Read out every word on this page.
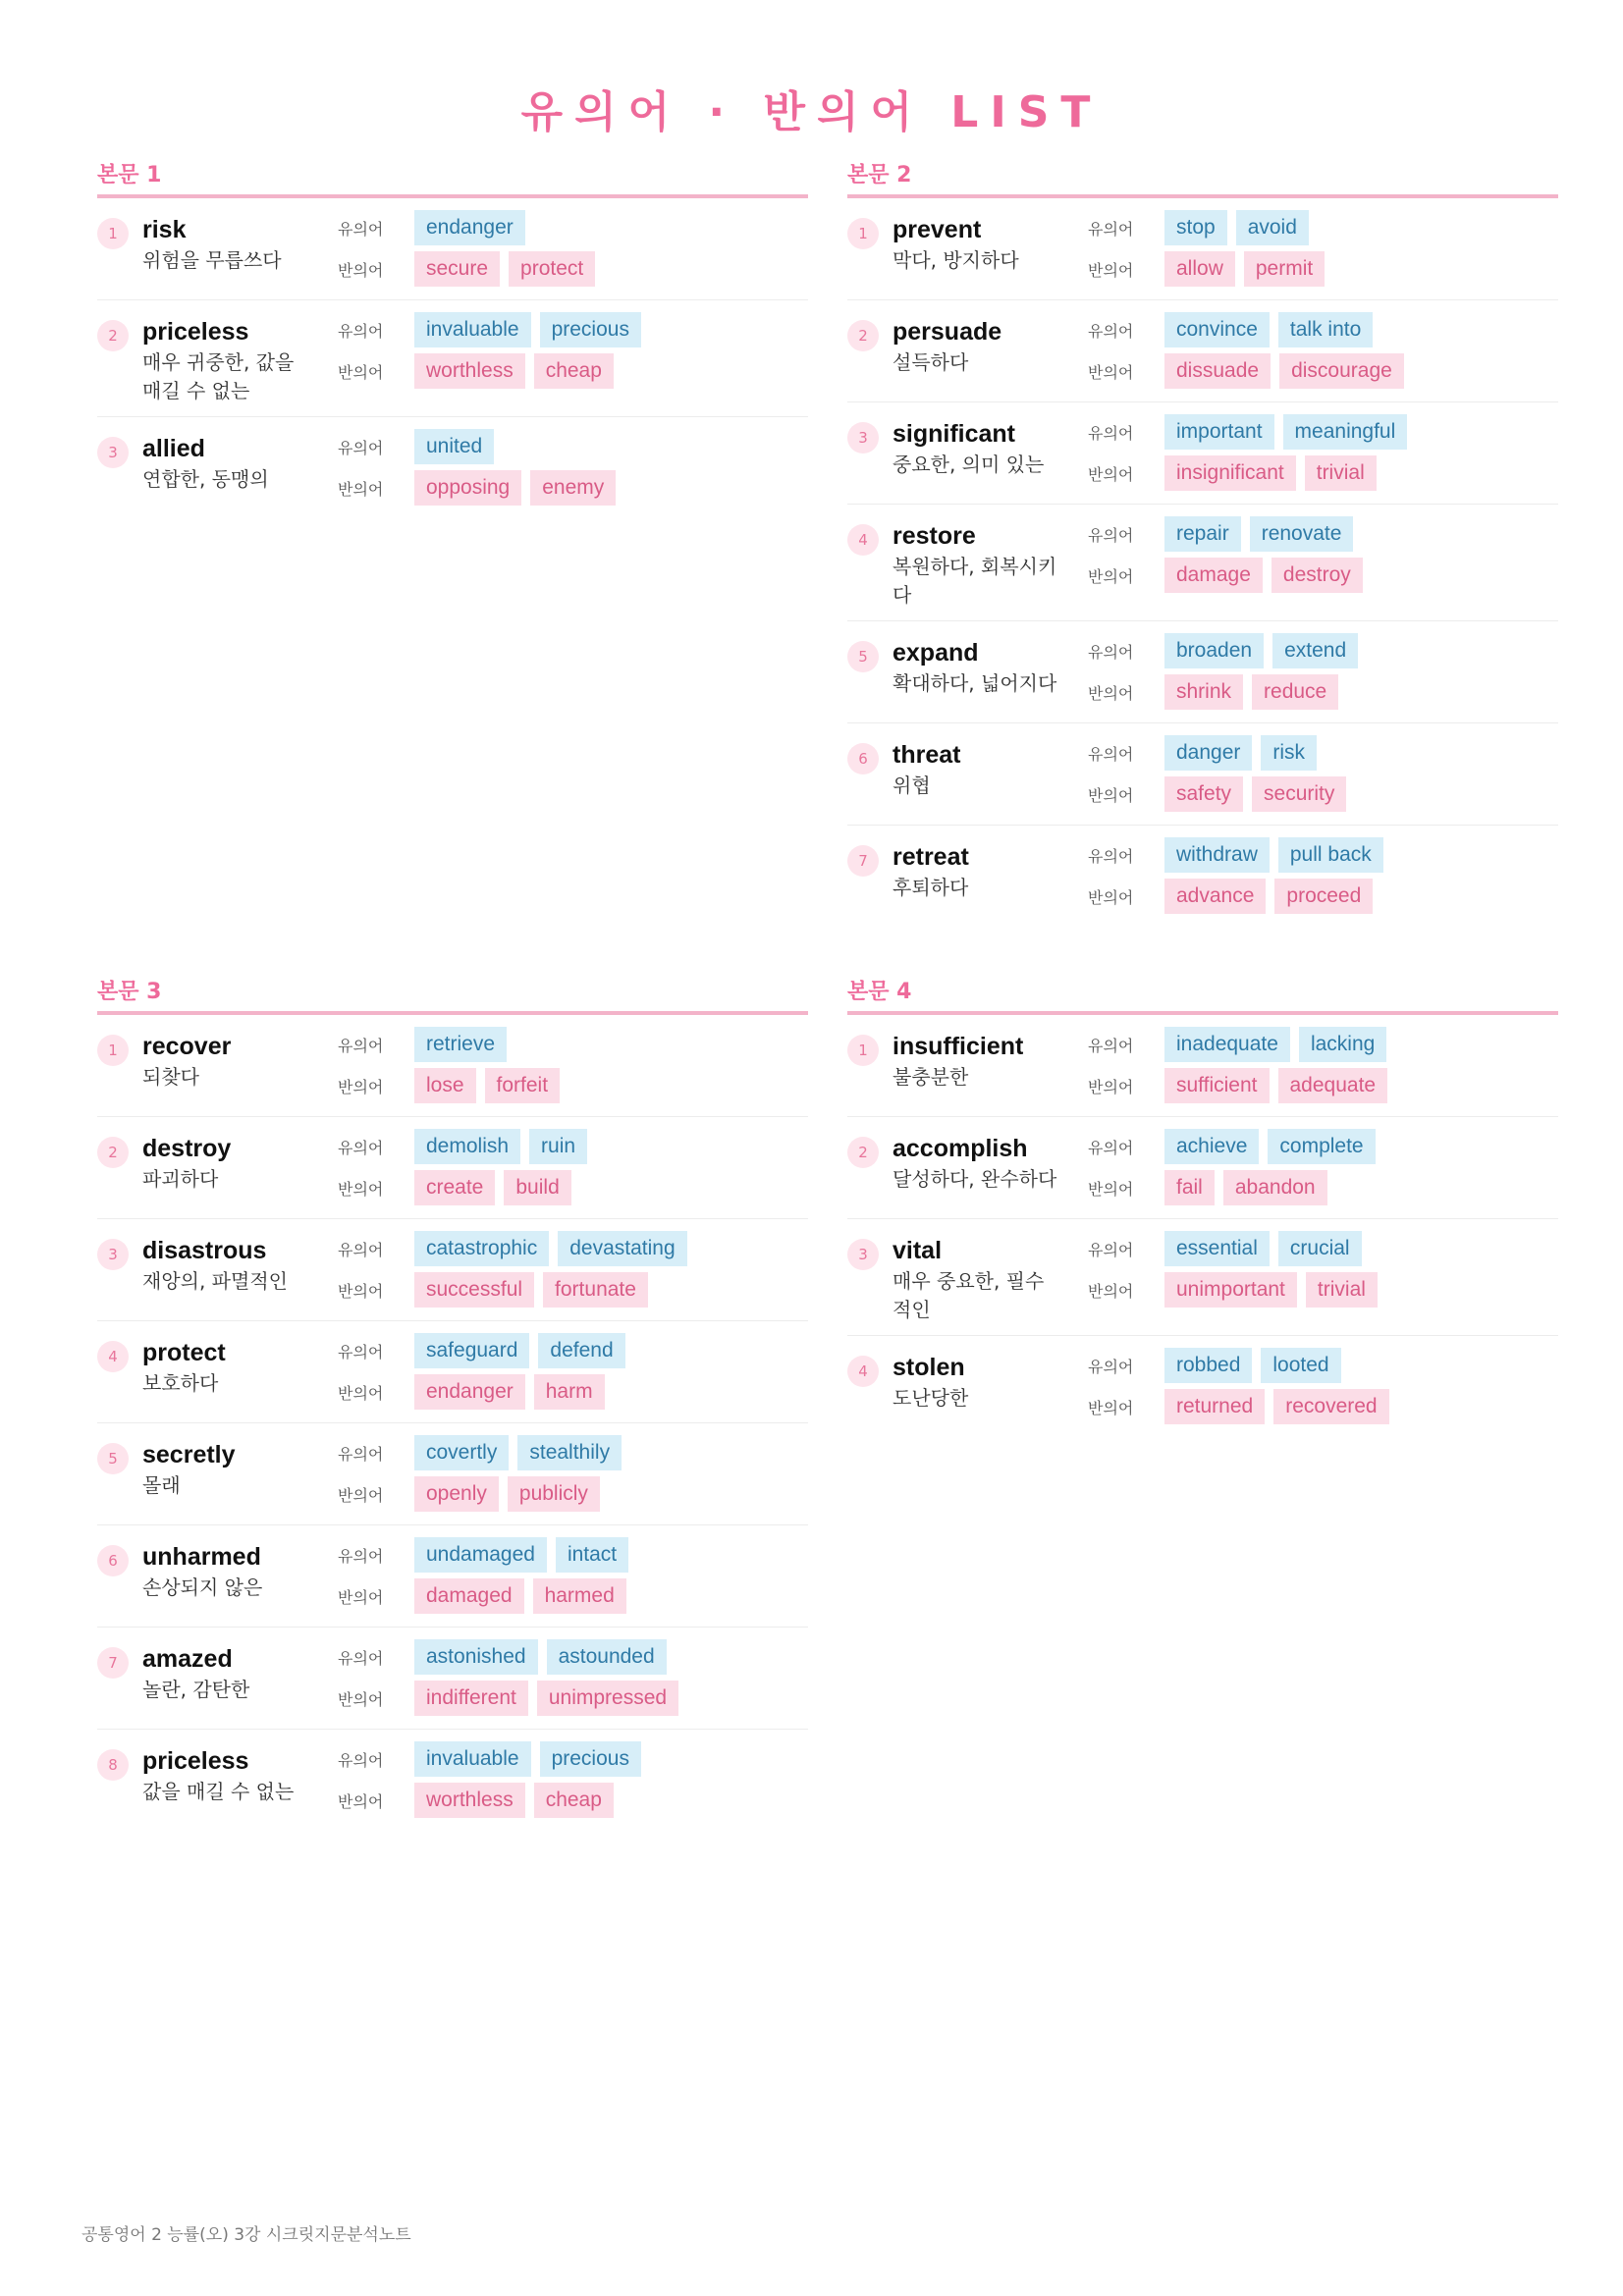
유의어 · 반의어 LIST
본문 1
1	risk
위험을 무릅쓰다
유의어	endanger
반의어	secure	protect
2	priceless
매우 귀중한, 값을 매길 수 없는
유의어	invaluable	precious
반의어	worthless	cheap
3	allied
연합한, 동맹의
유의어	united
반의어	opposing	enemy
본문 2
1	prevent
막다, 방지하다
유의어	stop	avoid
반의어	allow	permit
2	persuade
설득하다
유의어	convince	talk into
반의어	dissuade	discourage
3	significant
중요한, 의미 있는
유의어	important	meaningful
반의어	insignificant	trivial
4	restore
복원하다, 회복시키다
유의어	repair	renovate
반의어	damage	destroy
5	expand
확대하다, 넓어지다
유의어	broaden	extend
반의어	shrink	reduce
6	threat
위협
유의어	danger	risk
반의어	safety	security
7	retreat
후퇴하다
유의어	withdraw	pull back
반의어	advance	proceed
본문 3
1	recover
되찾다
유의어	retrieve
반의어	lose	forfeit
2	destroy
파괴하다
유의어	demolish	ruin
반의어	create	build
3	disastrous
재앙의, 파멸적인
유의어	catastrophic	devastating
반의어	successful	fortunate
4	protect
보호하다
유의어	safeguard	defend
반의어	endanger	harm
5	secretly
몰래
유의어	covertly	stealthily
반의어	openly	publicly
6	unharmed
손상되지 않은
유의어	undamaged	intact
반의어	damaged	harmed
7	amazed
놀란, 감탄한
유의어	astonished	astounded
반의어	indifferent	unimpressed
8	priceless
값을 매길 수 없는
유의어	invaluable	precious
반의어	worthless	cheap
본문 4
1	insufficient
불충분한
유의어	inadequate	lacking
반의어	sufficient	adequate
2	accomplish
달성하다, 완수하다
유의어	achieve	complete
반의어	fail	abandon
3	vital
매우 중요한, 필수적인
유의어	essential	crucial
반의어	unimportant	trivial
4	stolen
도난당한
유의어	robbed	looted
반의어	returned	recovered
공통영어 2 능률(오) 3강 시크릿지문분석노트
